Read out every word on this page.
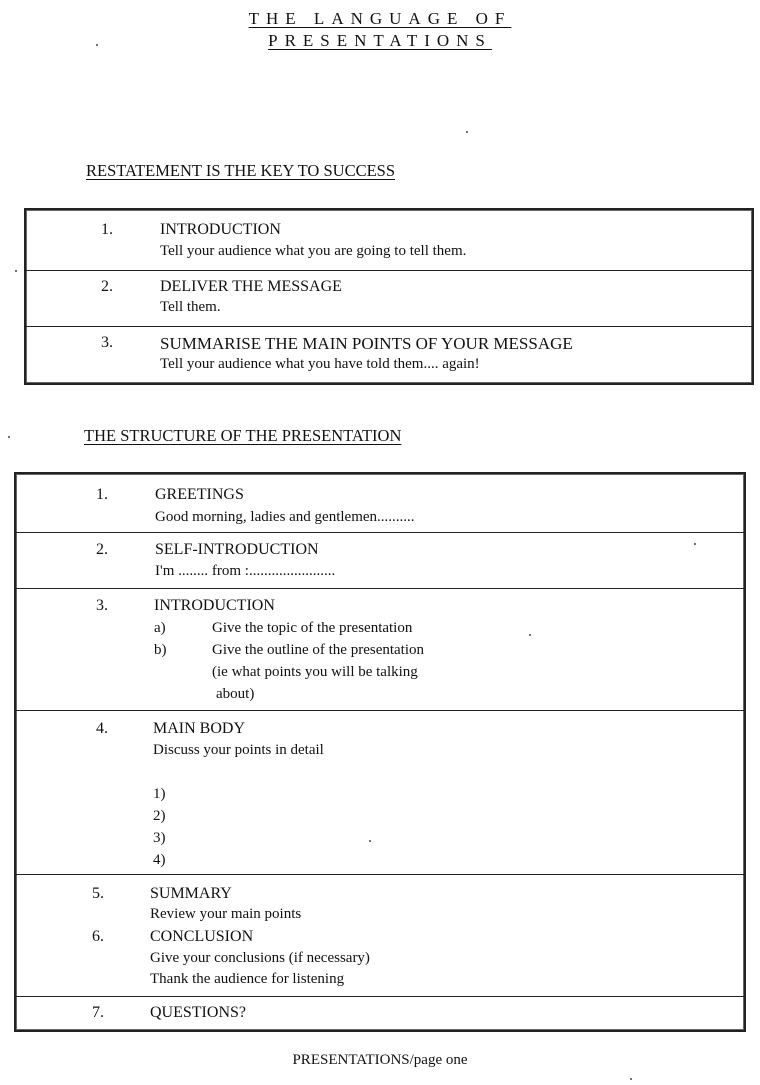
THE LANGUAGE OF
PRESENTATIONS
RESTATEMENT IS THE KEY TO SUCCESS
1.	INTRODUCTION
Tell your audience what you are going to tell them.
2.	DELIVER THE MESSAGE
Tell them.
3.	SUMMARISE THE MAIN POINTS OF YOUR MESSAGE
Tell your audience what you have told them.... again!
THE STRUCTURE OF THE PRESENTATION
1.	GREETINGS
Good morning, ladies and gentlemen..........
2.	SELF-INTRODUCTION
I'm ........ from :.......................
3.	INTRODUCTION
a)	Give the topic of the presentation
b)	Give the outline of the presentation
(ie what points you will be talking
about)
4.	MAIN BODY
Discuss your points in detail
1)
2)
3)
4)
5.	SUMMARY
Review your main points
6.	CONCLUSION
Give your conclusions (if necessary)
Thank the audience for listening
7.	QUESTIONS?
PRESENTATIONS/page one
